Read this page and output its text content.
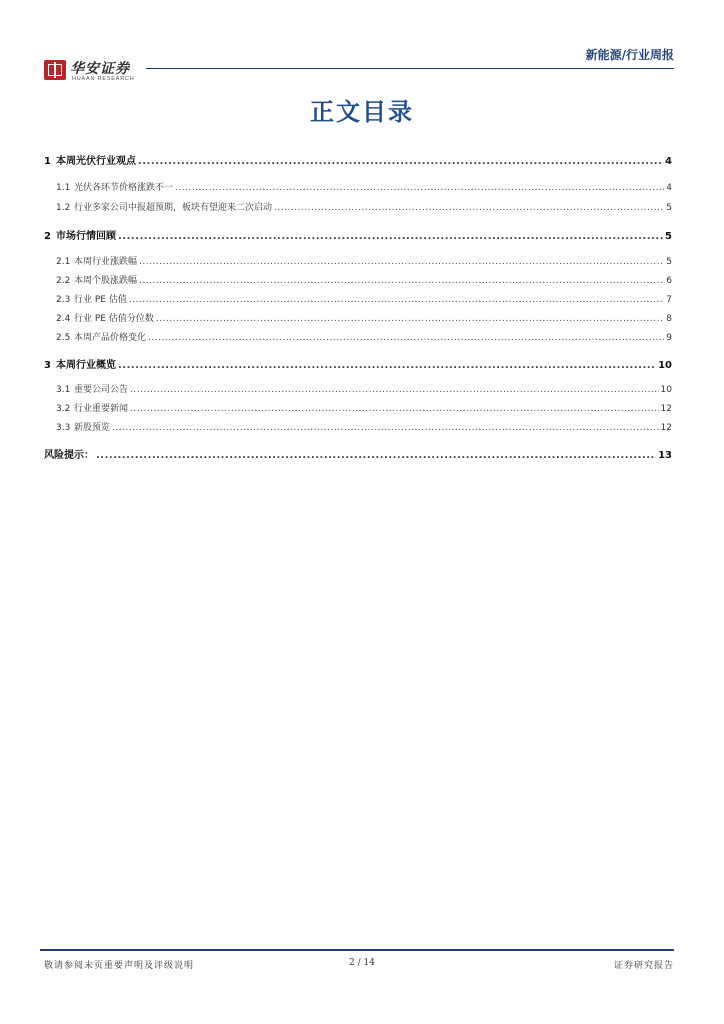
华安证券
HUAAN RESEARCH
新能源/行业周报
正文目录
1 本周光伏行业观点 .....	4
1.1 光伏各环节价格涨跌不一 .....	4
1.2 行业多家公司中报超预期，板块有望迎来二次启动 .....	5
2 市场行情回顾 .....	5
2.1 本周行业涨跌幅 .....	5
2.2 本周个股涨跌幅 .....	6
2.3 行业 PE 估值 .....	7
2.4 行业 PE 估值分位数 .....	8
2.5 本周产品价格变化 .....	9
3 本周行业概览 .....	10
3.1 重要公司公告 .....	10
3.2 行业重要新闻 .....	12
3.3 新股预览 .....	12
风险提示： .....	13
敬请参阅末页重要声明及评级说明	2 / 14	证券研究报告
